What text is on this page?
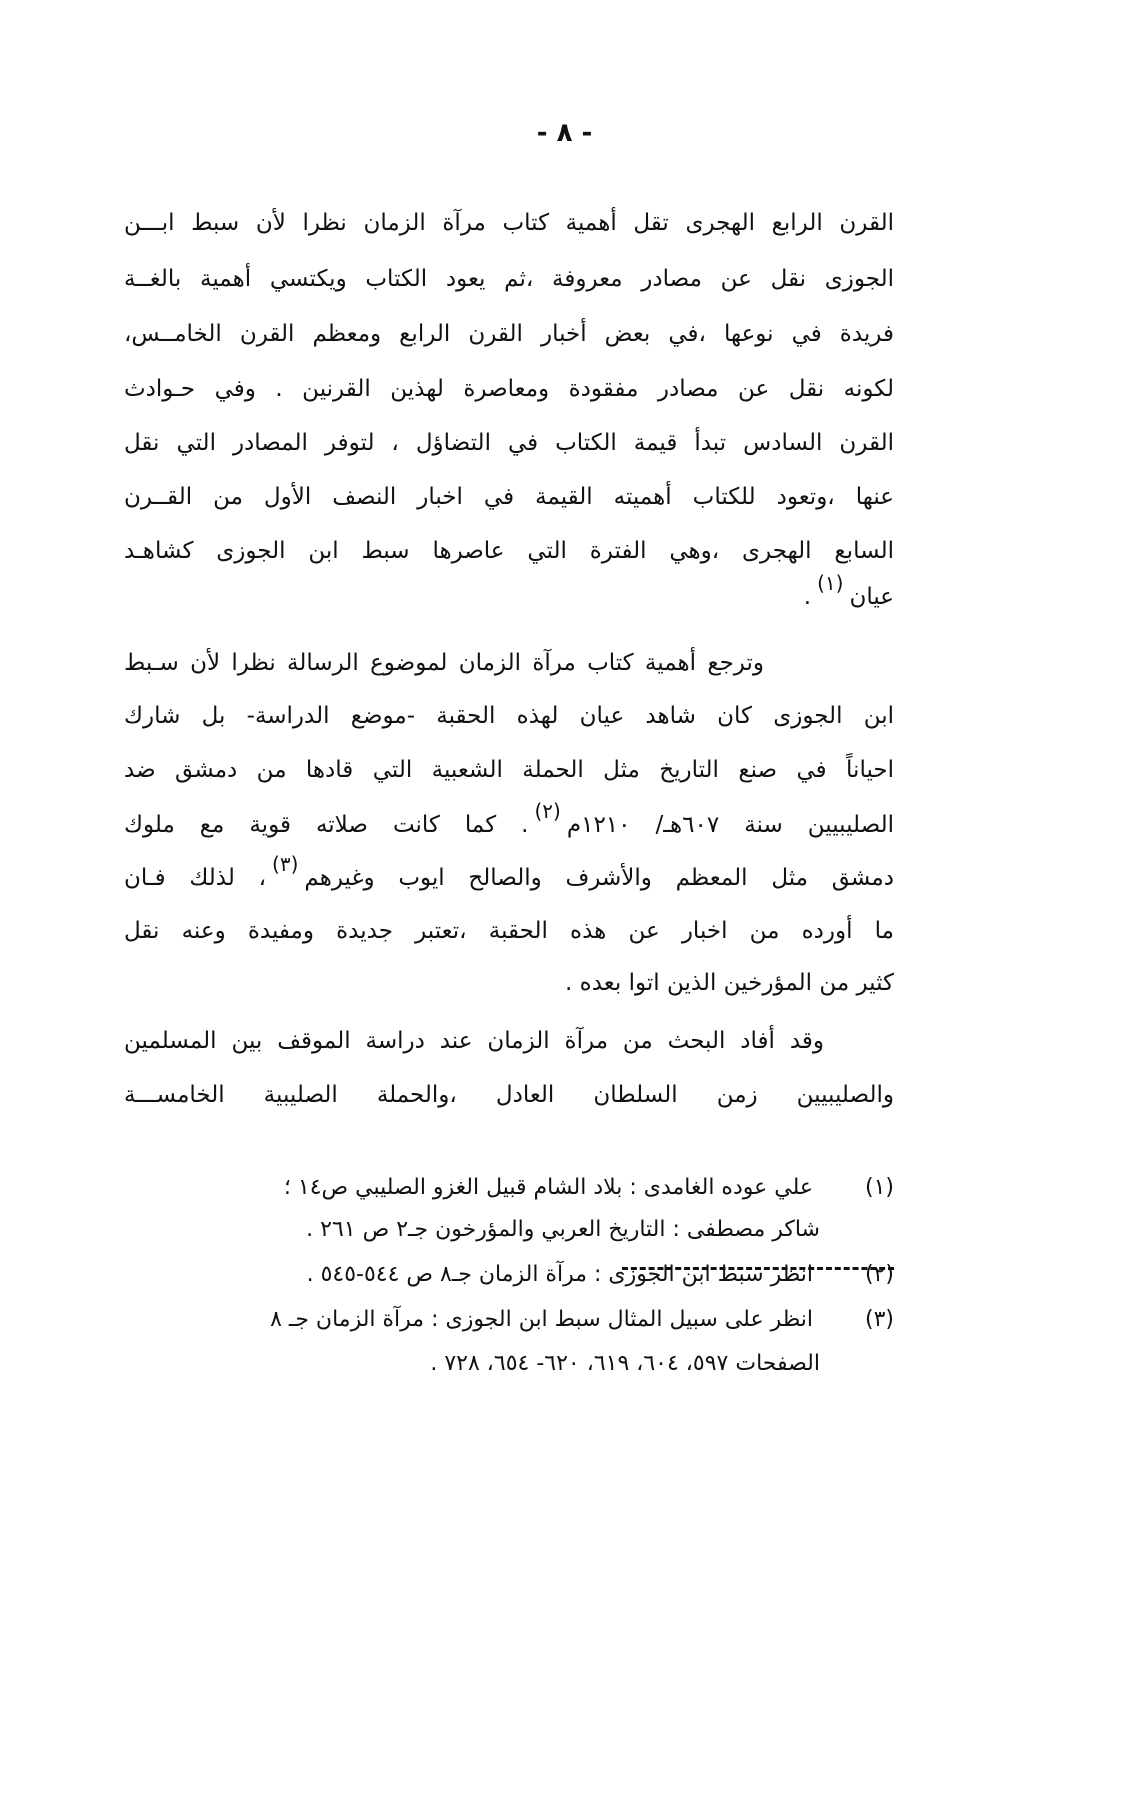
- ٨ -
القرن الرابع الهجرى تقل أهمية كتاب مرآة الزمان نظرا لأن سبط ابـــن
الجوزى نقل عن مصادر معروفة ،ثم يعود الكتاب ويكتسي أهمية بالغــة
فريدة في نوعها ،في بعض أخبار القرن الرابع ومعظم القرن الخامــس،
لكونه نقل عن مصادر مفقودة ومعاصرة لهذين القرنين . وفي حـوادث
القرن السادس تبدأ قيمة الكتاب في التضاؤل ، لتوفر المصادر التي نقل
عنها ،وتعود للكتاب أهميته القيمة في اخبار النصف الأول من القــرن
السابع الهجرى ،وهي الفترة التي عاصرها سبط ابن الجوزى كشاهـد
عيان$^{(١)}$.
وترجع أهمية كتاب مرآة الزمان لموضوع الرسالة نظرا لأن سـبط
ابن الجوزى كان شاهد عيان لهذه الحقبة -موضع الدراسة- بل شارك
احياناً في صنع التاريخ مثل الحملة الشعبية التي قادها من دمشق ضد
الصليبيين سنة ٦٠٧هـ/ ١٢١٠م$^{(٢)}$. كما كانت صلاته قوية مع ملوك
دمشق مثل المعظم والأشرف والصالح ايوب وغيرهم$^{(٣)}$، لذلك فـان
ما أورده من اخبار عن هذه الحقبة ،تعتبر جديدة ومفيدة وعنه نقل
كثير من المؤرخين الذين اتوا بعده .
وقد أفاد البحث من مرآة الزمان عند دراسة الموقف بين المسلمين
والصليبيين زمن السلطان العادل ،والحملة الصليبية الخامســـة
(١) علي عوده الغامدى : بلاد الشام قبيل الغزو الصليبي ص١٤ ؛
شاكر مصطفى : التاريخ العربي والمؤرخون جـ٢ ص ٢٦١ .
(٢) انظر سبط ابن الجوزى : مرآة الزمان جـ٨ ص ٥٤٤-٥٤٥ .
(٣) انظر على سبيل المثال سبط ابن الجوزى : مرآة الزمان جـ ٨
الصفحات ٥٩٧، ٦٠٤، ٦١٩، ٦٢٠- ٦٥٤، ٧٢٨ .
